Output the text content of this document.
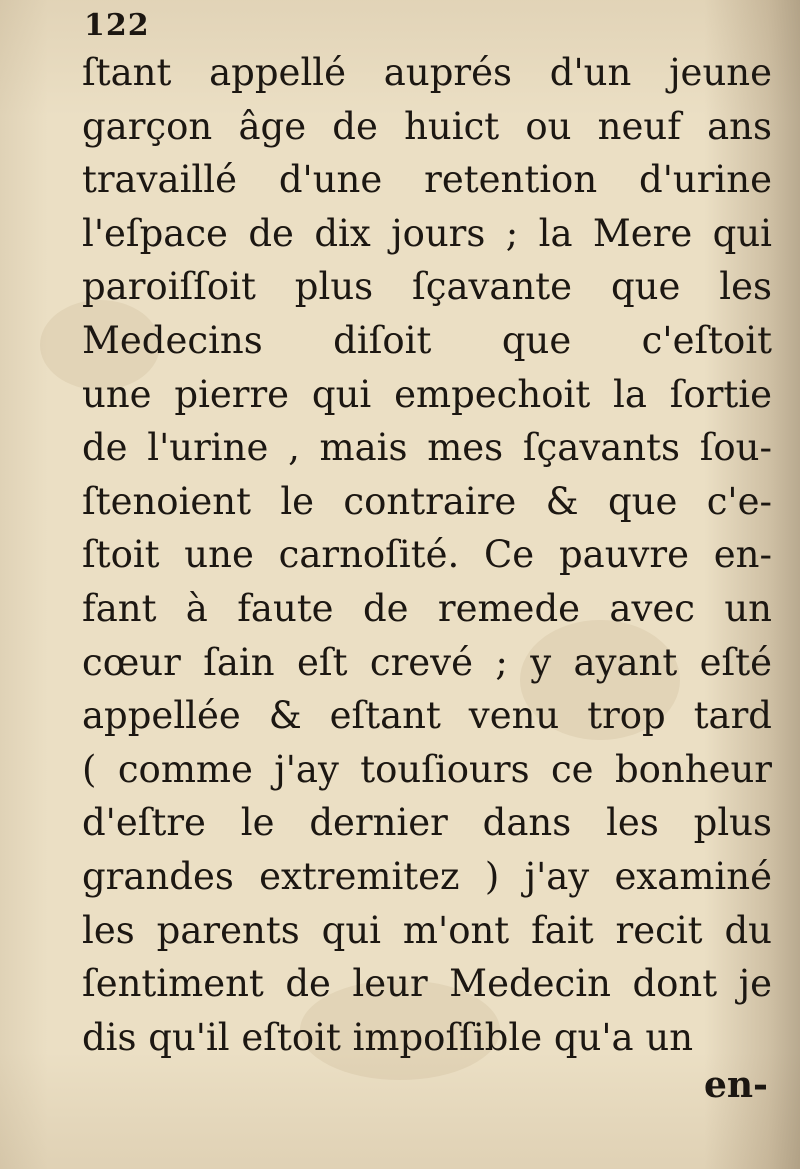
122
ſtant appellé auprés d'un jeune
garçon âge de huict ou neuf ans
travaillé d'une retention d'urine
l'eſpace de dix jours ; la Mere qui
paroiſſoit plus ſçavante que les
Medecins diſoit que c'eſtoit
une pierre qui empechoit la ſortie
de l'urine , mais mes ſçavants ſou-
ſtenoient le contraire & que c'e-
ſtoit une carnoſité. Ce pauvre en-
fant à faute de remede avec un
cœur ſain eſt crevé ; y ayant eſté
appellée & eſtant venu trop tard
( comme j'ay touſiours ce bonheur
d'eſtre le dernier dans les plus
grandes extremitez ) j'ay examiné
les parents qui m'ont fait recit du
ſentiment de leur Medecin dont je
dis qu'il eſtoit impoſſible qu'a un
en-
